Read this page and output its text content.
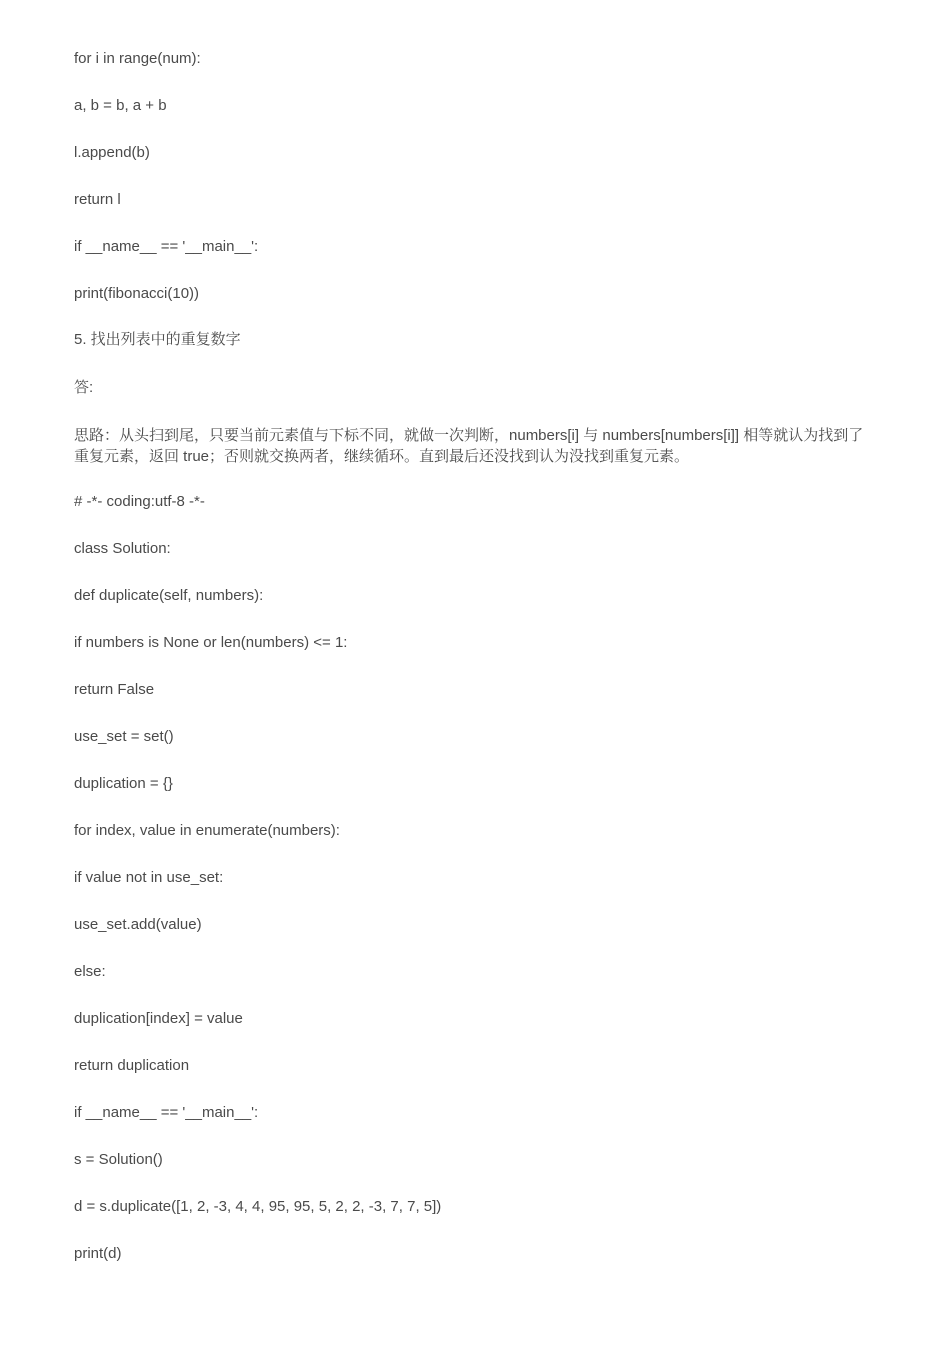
for i in range(num):
a, b = b, a + b
l.append(b)
return l
if __name__ == '__main__':
print(fibonacci(10))
5. 找出列表中的重复数字
答:
思路：从头扫到尾，只要当前元素值与下标不同，就做一次判断，numbers[i] 与 numbers[numbers[i]] 相等就认为找到了重复元素，返回 true；否则就交换两者，继续循环。直到最后还没找到认为没找到重复元素。
# -*- coding:utf-8 -*-
class Solution:
def duplicate(self, numbers):
if numbers is None or len(numbers) <= 1:
return False
use_set = set()
duplication = {}
for index, value in enumerate(numbers):
if value not in use_set:
use_set.add(value)
else:
duplication[index] = value
return duplication
if __name__ == '__main__':
s = Solution()
d = s.duplicate([1, 2, -3, 4, 4, 95, 95, 5, 2, 2, -3, 7, 7, 5])
print(d)
